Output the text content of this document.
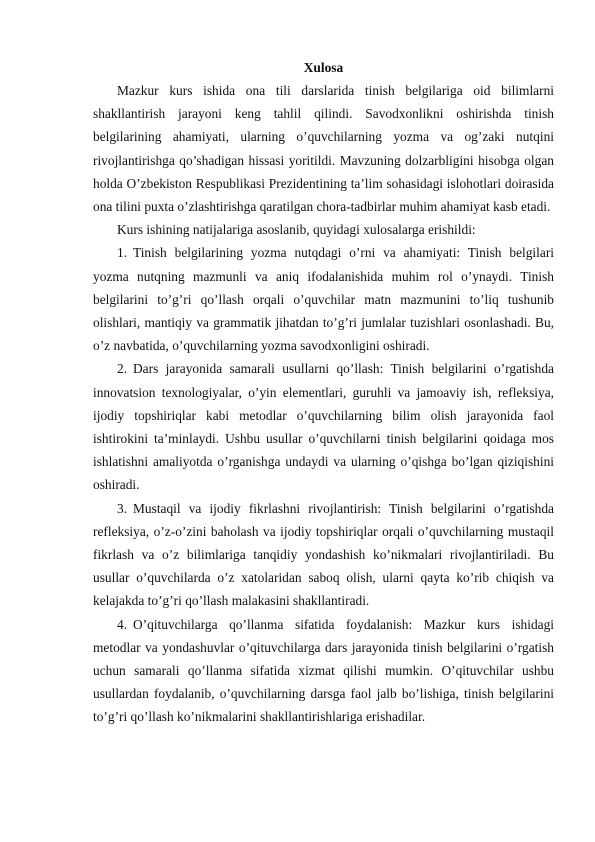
Xulosa

Mazkur kurs ishida ona tili darslarida tinish belgilariga oid bilimlarni shakllantirish jarayoni keng tahlil qilindi. Savodxonlikni oshirishda tinish belgilarining ahamiyati, ularning o’quvchilarning yozma va og’zaki nutqini rivojlantirishga qo’shadigan hissasi yoritildi. Mavzuning dolzarbligini hisobga olgan holda O’zbekiston Respublikasi Prezidentining ta’lim sohasidagi islohotlari doirasida ona tilini puxta o’zlashtirishga qaratilgan chora-tadbirlar muhim ahamiyat kasb etadi.

Kurs ishining natijalariga asoslanib, quyidagi xulosalarga erishildi:

1. Tinish belgilarining yozma nutqdagi o’rni va ahamiyati: Tinish belgilari yozma nutqning mazmunli va aniq ifodalanishida muhim rol o’ynaydi. Tinish belgilarini to’g’ri qo’llash orqali o’quvchilar matn mazmunini to’liq tushunib olishlari, mantiqiy va grammatik jihatdan to’g’ri jumlalar tuzishlari osonlashadi. Bu, o’z navbatida, o’quvchilarning yozma savodxonligini oshiradi.

2. Dars jarayonida samarali usullarni qo’llash: Tinish belgilarini o’rgatishda innovatsion texnologiyalar, o’yin elementlari, guruhli va jamoaviy ish, refleksiya, ijodiy topshiriqlar kabi metodlar o’quvchilarning bilim olish jarayonida faol ishtirokini ta’minlaydi. Ushbu usullar o’quvchilarni tinish belgilarini qoidaga mos ishlatishni amaliyotda o’rganishga undaydi va ularning o’qishga bo’lgan qiziqishini oshiradi.

3. Mustaqil va ijodiy fikrlashni rivojlantirish: Tinish belgilarini o’rgatishda refleksiya, o’z-o’zini baholash va ijodiy topshiriqlar orqali o’quvchilarning mustaqil fikrlash va o’z bilimlariga tanqidiy yondashish ko’nikmalari rivojlantiriladi. Bu usullar o’quvchilarda o’z xatolaridan saboq olish, ularni qayta ko’rib chiqish va kelajakda to’g’ri qo’llash malakasini shakllantiradi.

4. O’qituvchilarga qo’llanma sifatida foydalanish: Mazkur kurs ishidagi metodlar va yondashuvlar o’qituvchilarga dars jarayonida tinish belgilarini o’rgatish uchun samarali qo’llanma sifatida xizmat qilishi mumkin. O’qituvchilar ushbu usullardan foydalanib, o’quvchilarning darsga faol jalb bo’lishiga, tinish belgilarini to’g’ri qo’llash ko’nikmalarini shakllantirishlariga erishadilar.
